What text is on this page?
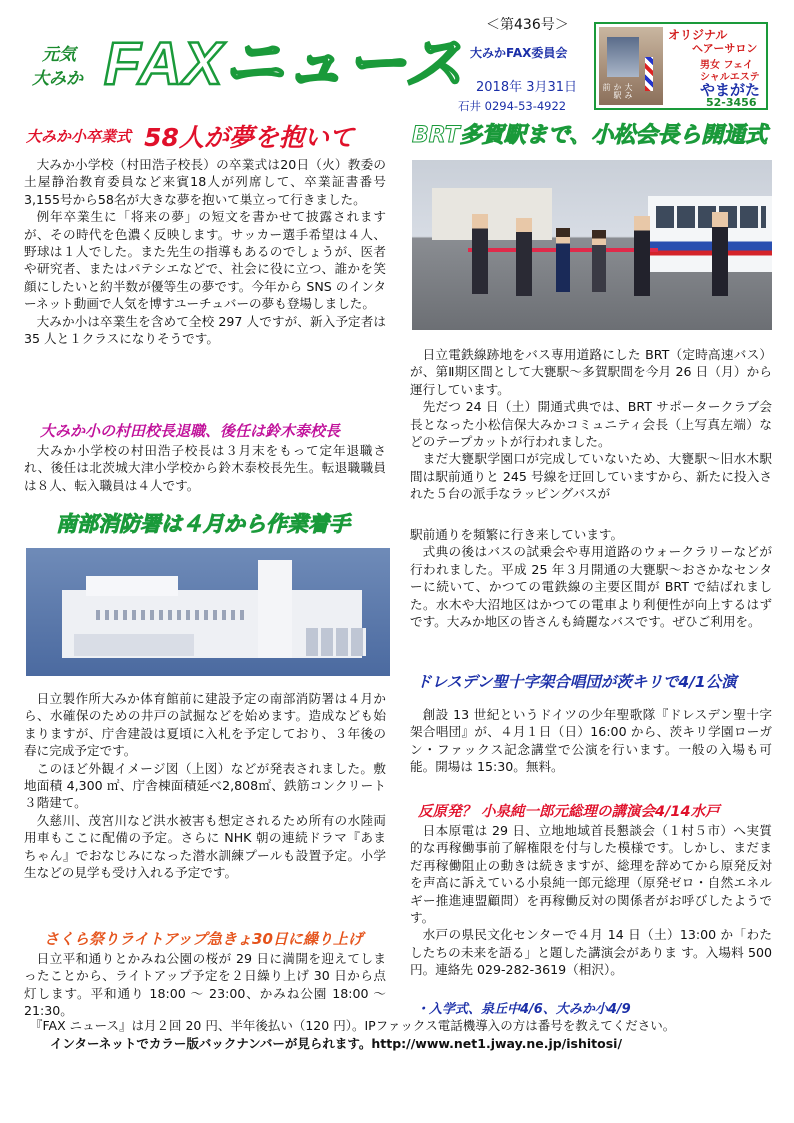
元気
大みか FAXニュース
＜第436号＞
大みかFAX委員会
2018年 3月31日
石井 0294-53-4922
大みか駅前
オリジナル
ヘアーサロン
男女 フェイ
シャルエステ
やまがた
52-3456
大みか小卒業式 58人が夢を抱いて

大みか小学校（村田浩子校長）の卒業式は20日（火）教委の土屋静治教育委員など来賓18人が列席して、卒業証書番号3,155号から58名が大きな夢を抱いて巣立って行きました。

例年卒業生に「将来の夢」の短文を書かせて披露されますが、その時代を色濃く反映します。サッカー選手希望は４人、野球は１人でした。また先生の指導もあるのでしょうが、医者や研究者、またはパテシエなどで、社会に役に立つ、誰かを笑顔にしたいと約半数が優等生の夢です。今年から SNS のインターネット動画で人気を博すユーチュバーの夢も登場しました。

大みか小は卒業生を含めて全校 297 人ですが、新入予定者は 35 人と１クラスになりそうです。

大みか小の村田校長退職、後任は鈴木泰校長

大みか小学校の村田浩子校長は３月末をもって定年退職され、後任は北茨城大津小学校から鈴木泰校長先生。転退職職員は８人、転入職員は４人です。

南部消防署は４月から作業着手

日立製作所大みか体育館前に建設予定の南部消防署は４月から、水確保のための井戸の試掘などを始めます。造成なども始まりますが、庁舎建設は夏頃に入札を予定しており、３年後の春に完成予定です。

このほど外観イメージ図（上図）などが発表されました。敷地面積 4,300 ㎡、庁舎棟面積延べ2,808㎡、鉄筋コンクリート３階建て。

久慈川、茂宮川など洪水被害も想定されるため所有の水陸両用車もここに配備の予定。さらに NHK 朝の連続ドラマ『あまちゃん』でおなじみになった潜水訓練プールも設置予定。小学生などの見学も受け入れる予定です。

さくら祭りライトアップ急きょ30日に繰り上げ

日立平和通りとかみね公園の桜が 29 日に満開を迎えてしまったことから、ライトアップ予定を２日繰り上げ 30 日から点灯します。平和通り 18:00 ～ 23:00、かみね公園 18:00 ～ 21:30。

BRT多賀駅まで、小松会長ら開通式

日立電鉄線跡地をバス専用道路にした BRT（定時高速バス）が、第Ⅱ期区間として大甕駅～多賀駅間を今月 26 日（月）から運行しています。

先だつ 24 日（土）開通式典では、BRT サポータークラブ会長となった小松信保大みかコミュニティ会長（上写真左端）などのテープカットが行われました。

まだ大甕駅学園口が完成していないため、大甕駅～旧水木駅間は駅前通りと 245 号線を迂回していますから、新たに投入された５台の派手なラッピングバスが

駅前通りを頻繁に行き来しています。

式典の後はバスの試乗会や専用道路のウォークラリーなどが行われました。平成 25 年３月開通の大甕駅～おさかなセンターに続いて、かつての電鉄線の主要区間が BRT で結ばれました。水木や大沼地区はかつての電車より利便性が向上するはずです。大みか地区の皆さんも綺麗なバスです。ぜひご利用を。

ドレスデン聖十字架合唱団が茨キリで4/1公演

創設 13 世紀というドイツの少年聖歌隊『ドレスデン聖十字架合唱団』が、４月１日（日）16:00 から、茨キリ学園ローガン・ファックス記念講堂で公演を行います。一般の入場も可能。開場は 15:30。無料。

反原発？ 小泉純一郎元総理の講演会4/14水戸

日本原電は 29 日、立地地域首長懇談会（１村５市）へ実質的な再稼働事前了解権限を付与した模様です。しかし、まだまだ再稼働阻止の動きは続きますが、総理を辞めてから原発反対を声高に訴えている小泉純一郎元総理（原発ゼロ・自然エネルギー推進連盟顧問）を再稼働反対の関係者がお呼びしたようです。

水戸の県民文化センターで４月 14 日（土）13:00 か「わたしたちの未来を語る」と題した講演会がありま す。入場料 500 円。連絡先 029-282-3619（相沢）。

・入学式、泉丘中4/6、大みか小4/9
『FAX ニュース』は月２回 20 円、半年後払い（120 円）。IPファックス電話機導入の方は番号を教えてください。
インターネットでカラー版バックナンバーが見られます。http://www.net1.jway.ne.jp/ishitosi/
